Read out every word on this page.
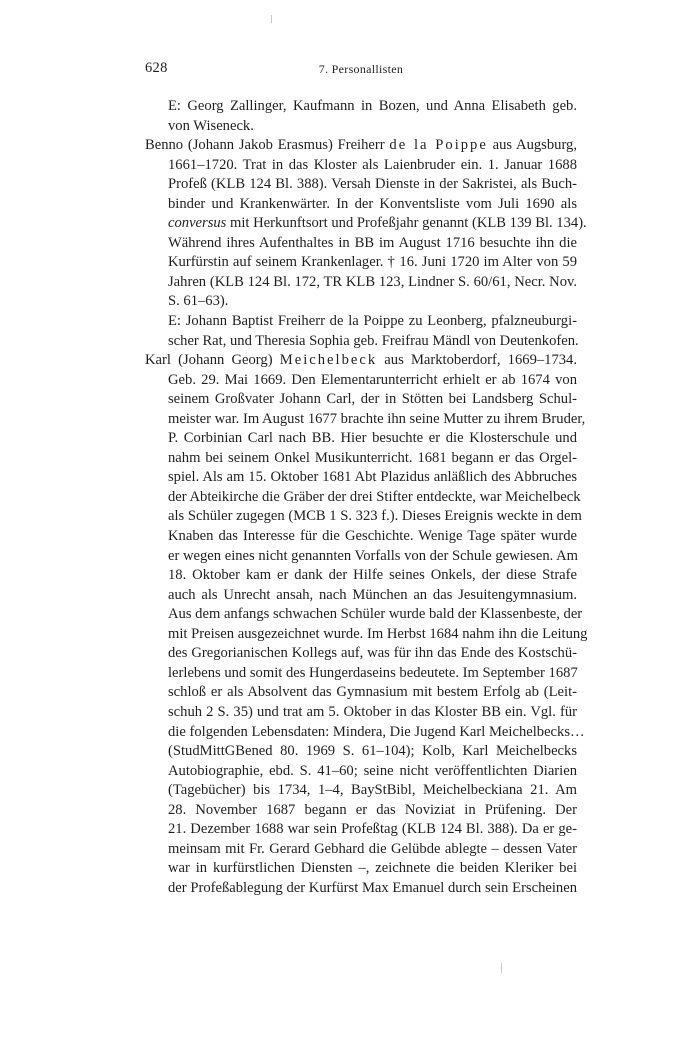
628	7. Personallisten
E: Georg Zallinger, Kaufmann in Bozen, und Anna Elisabeth geb.
von Wiseneck.
Benno (Johann Jakob Erasmus) Freiherr de la Poippe aus Augsburg,
1661–1720. Trat in das Kloster als Laienbruder ein. 1. Januar 1688
Profeß (KLB 124 Bl. 388). Versah Dienste in der Sakristei, als Buch-
binder und Krankenwärter. In der Konventsliste vom Juli 1690 als
conversus mit Herkunftsort und Profeßjahr genannt (KLB 139 Bl. 134).
Während ihres Aufenthaltes in BB im August 1716 besuchte ihn die
Kurfürstin auf seinem Krankenlager. † 16. Juni 1720 im Alter von 59
Jahren (KLB 124 Bl. 172, TR KLB 123, Lindner S. 60/61, Necr. Nov.
S. 61–63).
E: Johann Baptist Freiherr de la Poippe zu Leonberg, pfalzneuburgi-
scher Rat, und Theresia Sophia geb. Freifrau Mändl von Deutenkofen.
Karl (Johann Georg) Meichelbeck aus Marktoberdorf, 1669–1734.
Geb. 29. Mai 1669. Den Elementarunterricht erhielt er ab 1674 von
seinem Großvater Johann Carl, der in Stötten bei Landsberg Schul-
meister war. Im August 1677 brachte ihn seine Mutter zu ihrem Bruder,
P. Corbinian Carl nach BB. Hier besuchte er die Klosterschule und
nahm bei seinem Onkel Musikunterricht. 1681 begann er das Orgel-
spiel. Als am 15. Oktober 1681 Abt Plazidus anläßlich des Abbruches
der Abteikirche die Gräber der drei Stifter entdeckte, war Meichelbeck
als Schüler zugegen (MCB 1 S. 323 f.). Dieses Ereignis weckte in dem
Knaben das Interesse für die Geschichte. Wenige Tage später wurde
er wegen eines nicht genannten Vorfalls von der Schule gewiesen. Am
18. Oktober kam er dank der Hilfe seines Onkels, der diese Strafe
auch als Unrecht ansah, nach München an das Jesuitengymnasium.
Aus dem anfangs schwachen Schüler wurde bald der Klassenbeste, der
mit Preisen ausgezeichnet wurde. Im Herbst 1684 nahm ihn die Leitung
des Gregorianischen Kollegs auf, was für ihn das Ende des Kostschü-
lerlebens und somit des Hungerdaseins bedeutete. Im September 1687
schloß er als Absolvent das Gymnasium mit bestem Erfolg ab (Leit-
schuh 2 S. 35) und trat am 5. Oktober in das Kloster BB ein. Vgl. für
die folgenden Lebensdaten: Mindera, Die Jugend Karl Meichelbecks…
(StudMittGBened 80. 1969 S. 61–104); Kolb, Karl Meichelbecks
Autobiographie, ebd. S. 41–60; seine nicht veröffentlichten Diarien
(Tagebücher) bis 1734, 1–4, BayStBibl, Meichelbeckiana 21. Am
28. November 1687 begann er das Noviziat in Prüfening. Der
21. Dezember 1688 war sein Profeßtag (KLB 124 Bl. 388). Da er ge-
meinsam mit Fr. Gerard Gebhard die Gelübde ablegte – dessen Vater
war in kurfürstlichen Diensten –, zeichnete die beiden Kleriker bei
der Profeßablegung der Kurfürst Max Emanuel durch sein Erscheinen
